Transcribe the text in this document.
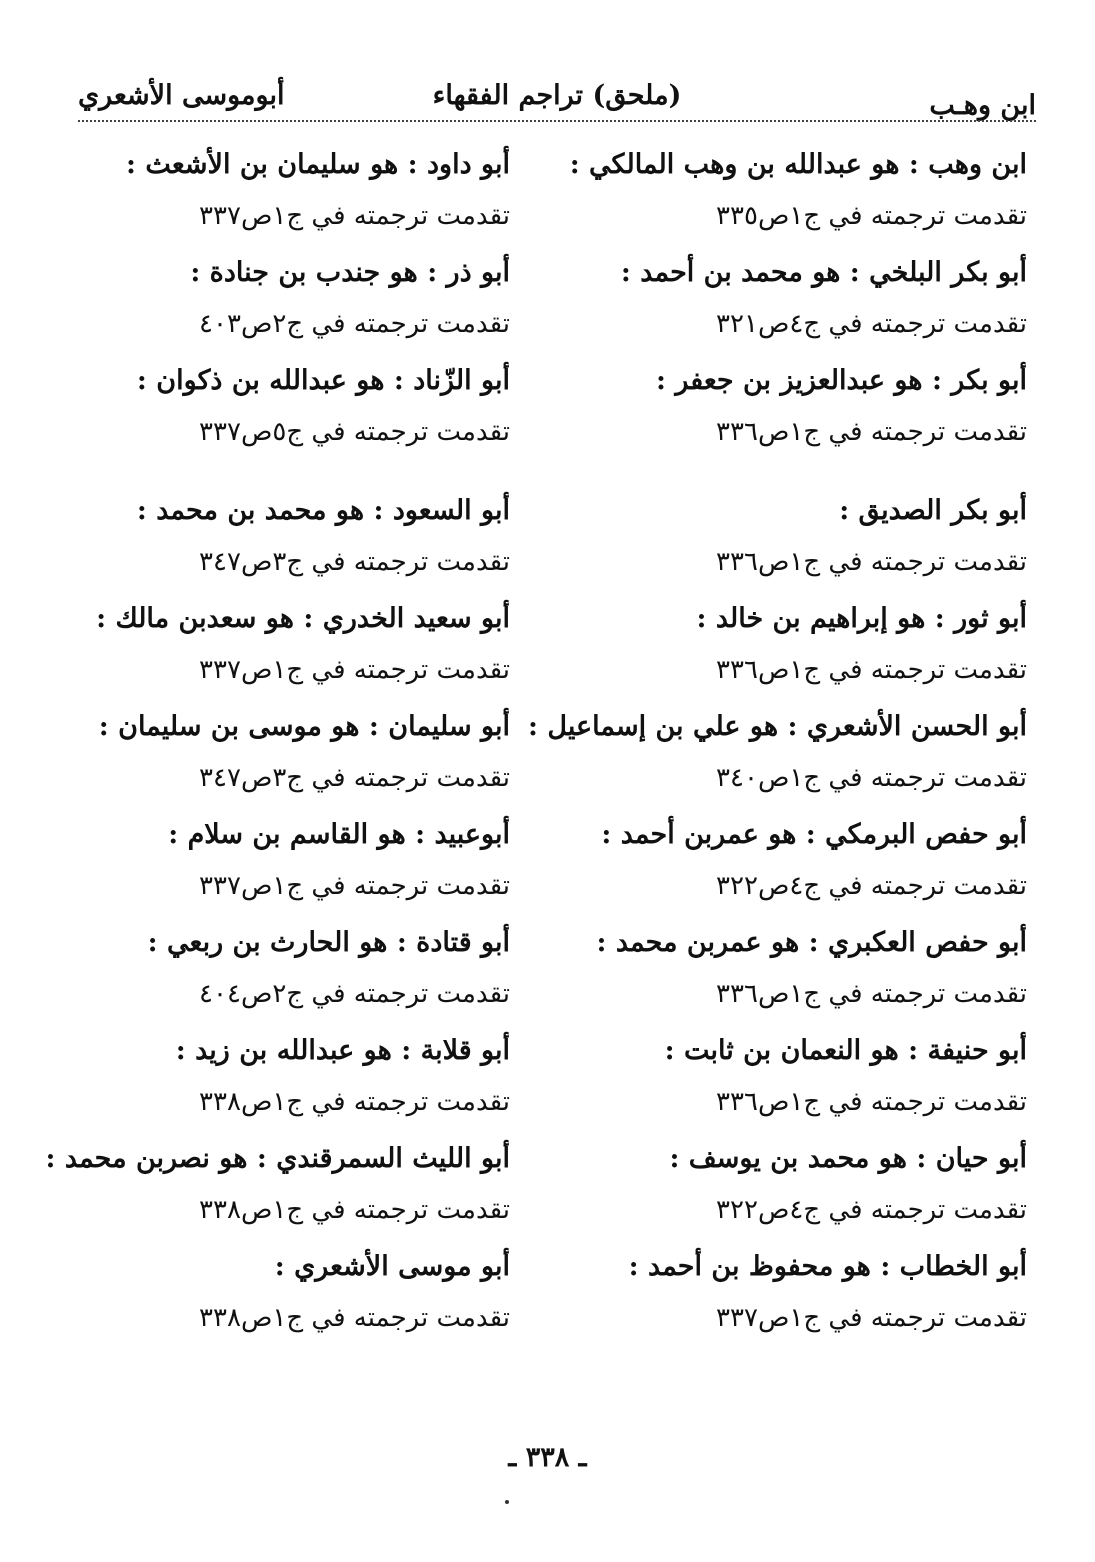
ابن وهـب
(ملحق) تراجم الفقهاء
أبوموسى الأشعري
ابن وهب : هو عبدالله بن وهب المالكي :
تقدمت ترجمته في ج١ص٣٣٥
أبو بكر البلخي : هو محمد بن أحمد :
تقدمت ترجمته في ج٤ص٣٢١
أبو بكر : هو عبدالعزيز بن جعفر :
تقدمت ترجمته في ج١ص٣٣٦
أبو بكر الصديق :
تقدمت ترجمته في ج١ص٣٣٦
أبو ثور : هو إبراهيم بن خالد :
تقدمت ترجمته في ج١ص٣٣٦
أبو الحسن الأشعري : هو علي بن إسماعيل :
تقدمت ترجمته في ج١ص٣٤٠
أبو حفص البرمكي : هو عمربن أحمد :
تقدمت ترجمته في ج٤ص٣٢٢
أبو حفص العكبري : هو عمربن محمد :
تقدمت ترجمته في ج١ص٣٣٦
أبو حنيفة : هو النعمان بن ثابت :
تقدمت ترجمته في ج١ص٣٣٦
أبو حيان : هو محمد بن يوسف :
تقدمت ترجمته في ج٤ص٣٢٢
أبو الخطاب : هو محفوظ بن أحمد :
تقدمت ترجمته في ج١ص٣٣٧
أبو داود : هو سليمان بن الأشعث :
تقدمت ترجمته في ج١ص٣٣٧
أبو ذر : هو جندب بن جنادة :
تقدمت ترجمته في ج٢ص٤٠٣
أبو الزّناد : هو عبدالله بن ذكوان :
تقدمت ترجمته في ج٥ص٣٣٧
أبو السعود : هو محمد بن محمد :
تقدمت ترجمته في ج٣ص٣٤٧
أبو سعيد الخدري : هو سعدبن مالك :
تقدمت ترجمته في ج١ص٣٣٧
أبو سليمان : هو موسى بن سليمان :
تقدمت ترجمته في ج٣ص٣٤٧
أبوعبيد : هو القاسم بن سلام :
تقدمت ترجمته في ج١ص٣٣٧
أبو قتادة : هو الحارث بن ربعي :
تقدمت ترجمته في ج٢ص٤٠٤
أبو قلابة : هو عبدالله بن زيد :
تقدمت ترجمته في ج١ص٣٣٨
أبو الليث السمرقندي : هو نصربن محمد :
تقدمت ترجمته في ج١ص٣٣٨
أبو موسى الأشعري :
تقدمت ترجمته في ج١ص٣٣٨
ـ ٣٣٨ ـ
